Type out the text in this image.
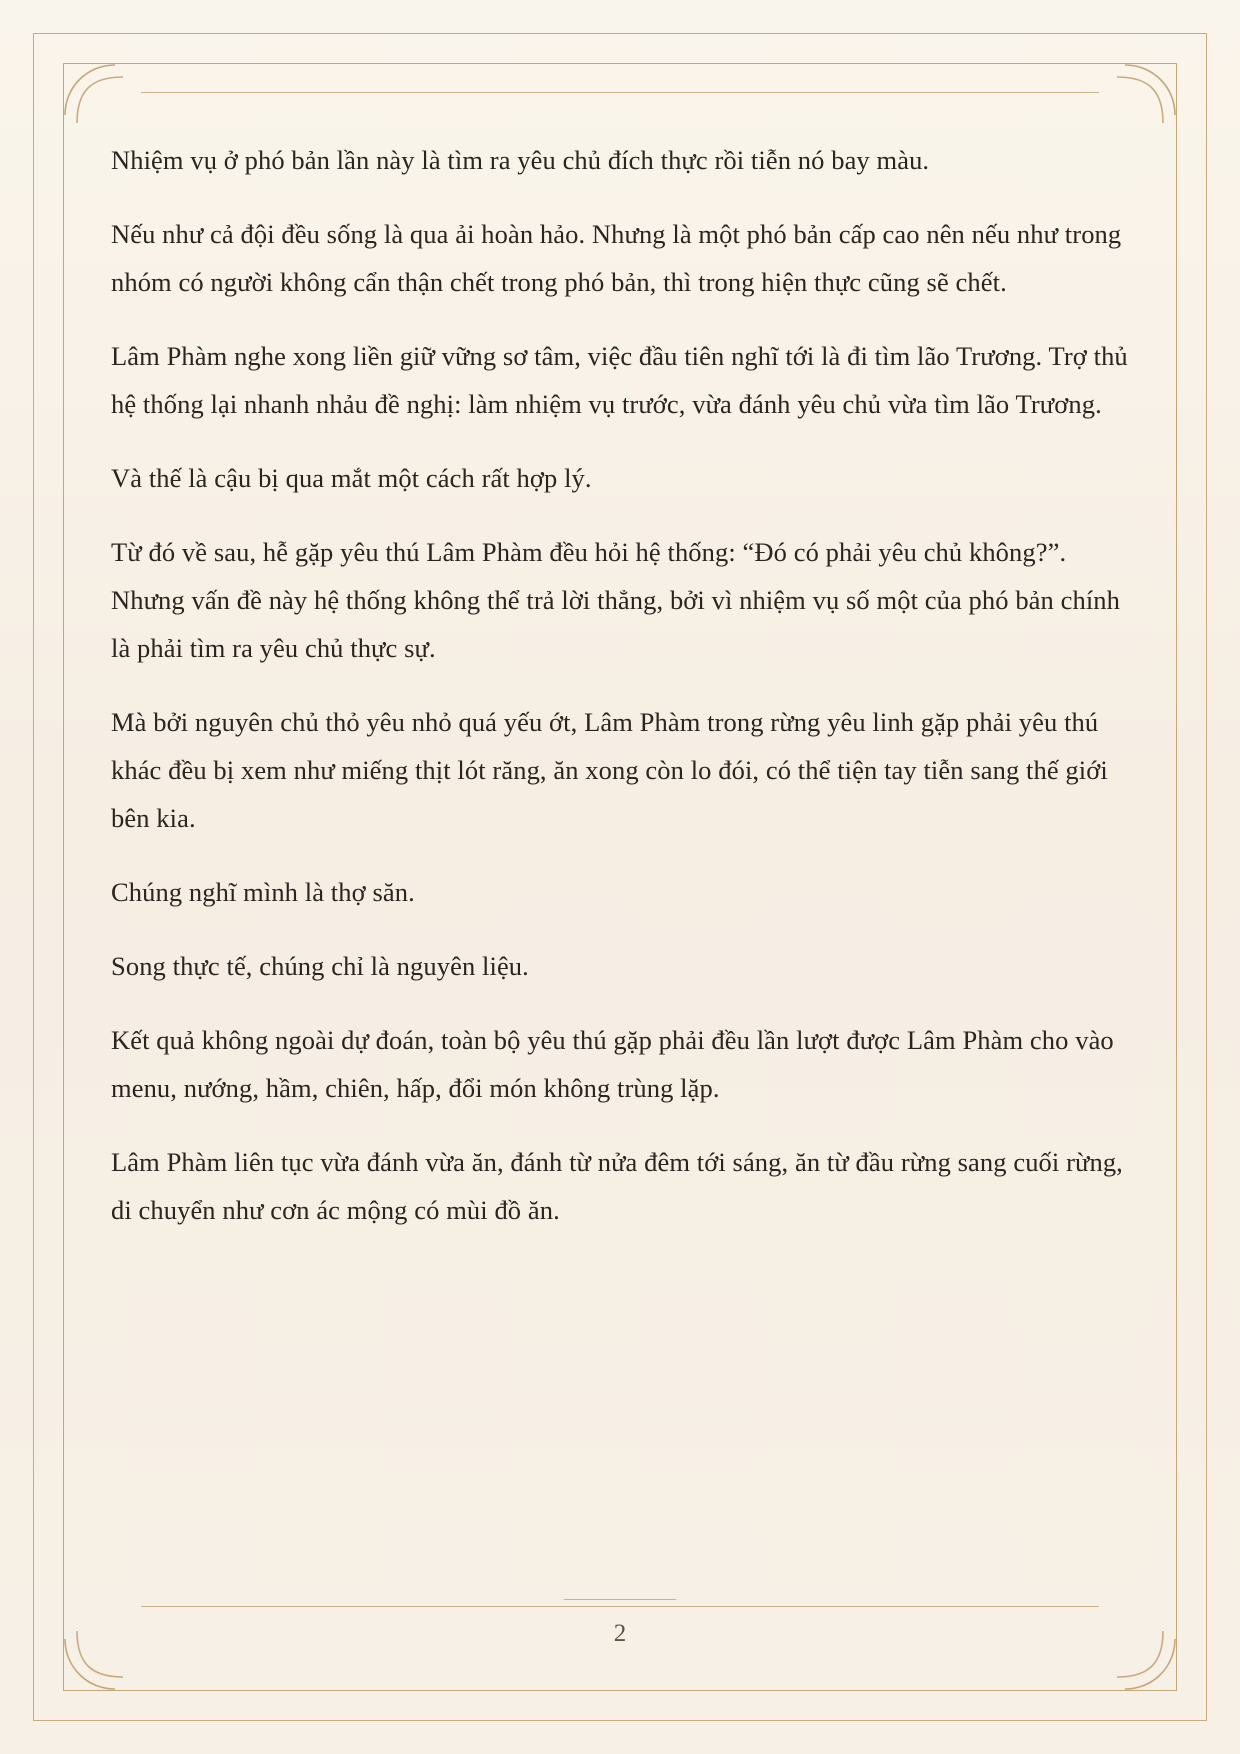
Nhiệm vụ ở phó bản lần này là tìm ra yêu chủ đích thực rồi tiễn nó bay màu.

Nếu như cả đội đều sống là qua ải hoàn hảo. Nhưng là một phó bản cấp cao nên nếu như trong nhóm có người không cẩn thận chết trong phó bản, thì trong hiện thực cũng sẽ chết.

Lâm Phàm nghe xong liền giữ vững sơ tâm, việc đầu tiên nghĩ tới là đi tìm lão Trương. Trợ thủ hệ thống lại nhanh nhảu đề nghị: làm nhiệm vụ trước, vừa đánh yêu chủ vừa tìm lão Trương.

Và thế là cậu bị qua mắt một cách rất hợp lý.

Từ đó về sau, hễ gặp yêu thú Lâm Phàm đều hỏi hệ thống: “Đó có phải yêu chủ không?”. Nhưng vấn đề này hệ thống không thể trả lời thẳng, bởi vì nhiệm vụ số một của phó bản chính là phải tìm ra yêu chủ thực sự.

Mà bởi nguyên chủ thỏ yêu nhỏ quá yếu ớt, Lâm Phàm trong rừng yêu linh gặp phải yêu thú khác đều bị xem như miếng thịt lót răng, ăn xong còn lo đói, có thể tiện tay tiễn sang thế giới bên kia.

Chúng nghĩ mình là thợ săn.

Song thực tế, chúng chỉ là nguyên liệu.

Kết quả không ngoài dự đoán, toàn bộ yêu thú gặp phải đều lần lượt được Lâm Phàm cho vào menu, nướng, hầm, chiên, hấp, đổi món không trùng lặp.

Lâm Phàm liên tục vừa đánh vừa ăn, đánh từ nửa đêm tới sáng, ăn từ đầu rừng sang cuối rừng, di chuyển như cơn ác mộng có mùi đồ ăn.

2
